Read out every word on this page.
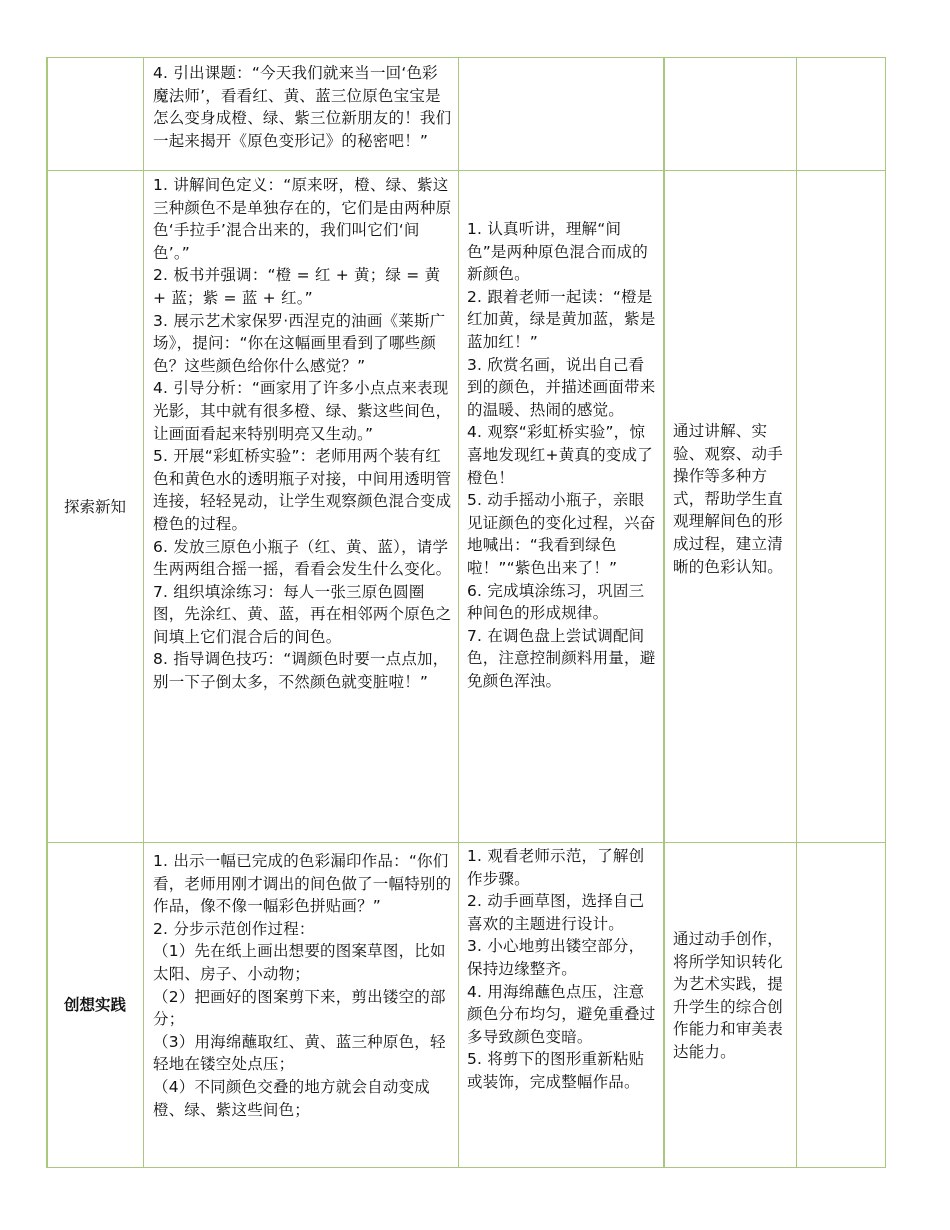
4. 引出课题：“今天我们就来当一回‘色彩魔法师’，看看红、黄、蓝三位原色宝宝是怎么变身成橙、绿、紫三位新朋友的！我们一起来揭开《原色变形记》的秘密吧！”

探索新知

1. 讲解间色定义：“原来呀，橙、绿、紫这三种颜色不是单独存在的，它们是由两种原色‘手拉手’混合出来的，我们叫它们‘间色’。”

2. 板书并强调：“橙 = 红 + 黄；绿 = 黄 + 蓝；紫 = 蓝 + 红。”

3. 展示艺术家保罗·西涅克的油画《莱斯广场》，提问：“你在这幅画里看到了哪些颜色？这些颜色给你什么感觉？”

4. 引导分析：“画家用了许多小点点来表现光影，其中就有很多橙、绿、紫这些间色，让画面看起来特别明亮又生动。”

5. 开展“彩虹桥实验”：老师用两个装有红色和黄色水的透明瓶子对接，中间用透明管连接，轻轻晃动，让学生观察颜色混合变成橙色的过程。

6. 发放三原色小瓶子（红、黄、蓝），请学生两两组合摇一摇，看看会发生什么变化。

7. 组织填涂练习：每人一张三原色圆圈图，先涂红、黄、蓝，再在相邻两个原色之间填上它们混合后的间色。

8. 指导调色技巧：“调颜色时要一点点加，别一下子倒太多，不然颜色就变脏啦！”

1. 认真听讲，理解“间色”是两种原色混合而成的新颜色。

2. 跟着老师一起读：“橙是红加黄，绿是黄加蓝，紫是蓝加红！”

3. 欣赏名画，说出自己看到的颜色，并描述画面带来的温暖、热闹的感觉。

4. 观察“彩虹桥实验”，惊喜地发现红+黄真的变成了橙色！

5. 动手摇动小瓶子，亲眼见证颜色的变化过程，兴奋地喊出：“我看到绿色啦！”“紫色出来了！”

6. 完成填涂练习，巩固三种间色的形成规律。

7. 在调色盘上尝试调配间色，注意控制颜料用量，避免颜色浑浊。

通过讲解、实验、观察、动手操作等多种方式，帮助学生直观理解间色的形成过程，建立清晰的色彩认知。

创想实践

1. 出示一幅已完成的色彩漏印作品：“你们看，老师用刚才调出的间色做了一幅特别的作品，像不像一幅彩色拼贴画？”

2. 分步示范创作过程：

（1）先在纸上画出想要的图案草图，比如太阳、房子、小动物；

（2）把画好的图案剪下来，剪出镂空的部分；

（3）用海绵蘸取红、黄、蓝三种原色，轻轻地在镂空处点压；

（4）不同颜色交叠的地方就会自动变成橙、绿、紫这些间色；

1. 观看老师示范，了解创作步骤。

2. 动手画草图，选择自己喜欢的主题进行设计。

3. 小心地剪出镂空部分，保持边缘整齐。

4. 用海绵蘸色点压，注意颜色分布均匀，避免重叠过多导致颜色变暗。

5. 将剪下的图形重新粘贴或装饰，完成整幅作品。

通过动手创作，将所学知识转化为艺术实践，提升学生的综合创作能力和审美表达能力。
